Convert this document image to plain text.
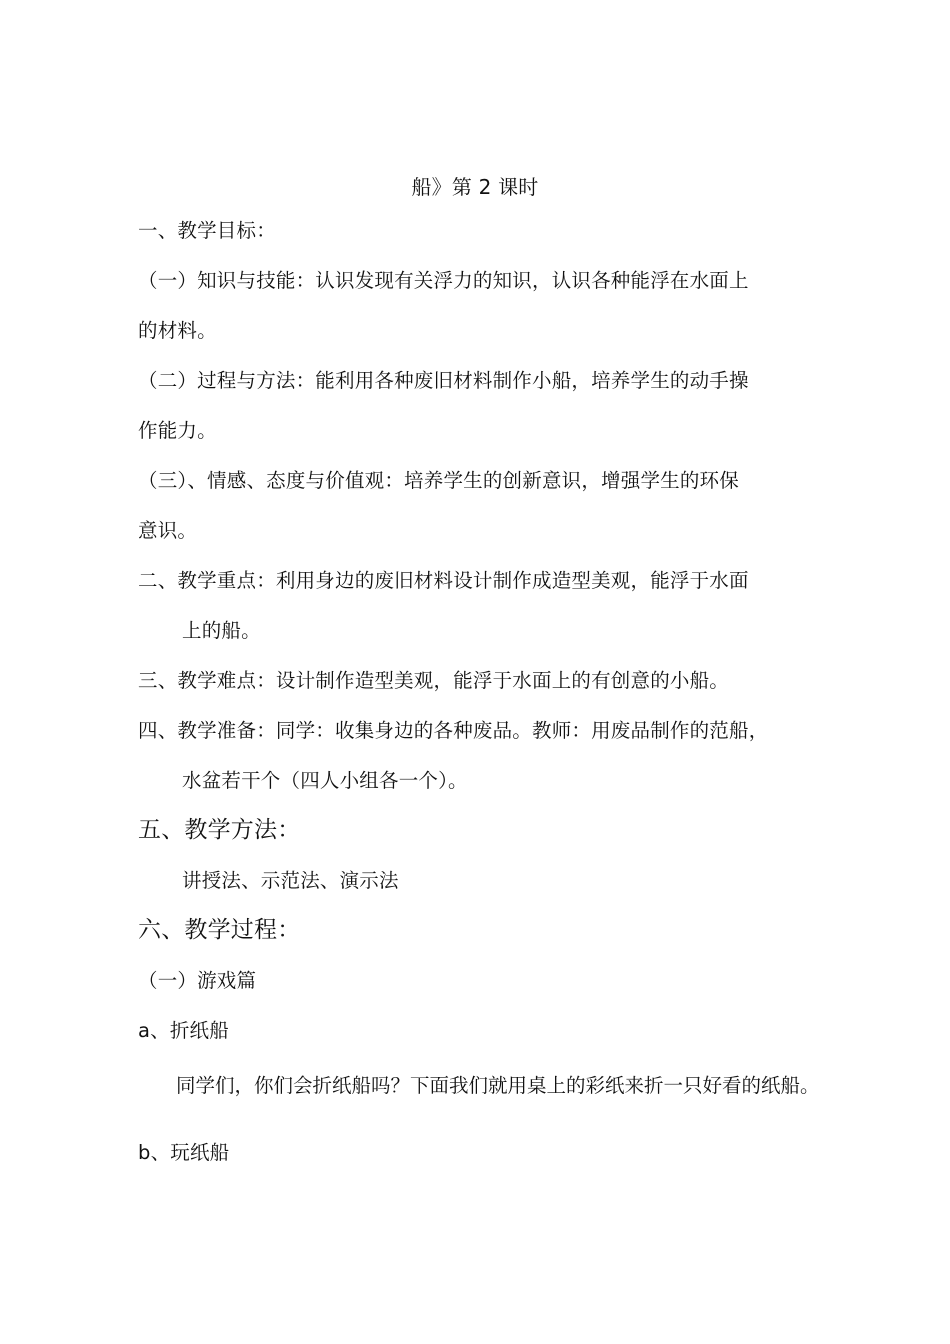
船》第 2 课时
一、教学目标：
（一）知识与技能：认识发现有关浮力的知识，认识各种能浮在水面上
的材料。
（二）过程与方法：能利用各种废旧材料制作小船，培养学生的动手操
作能力。
（三）、情感、态度与价值观：培养学生的创新意识，增强学生的环保
意识。
二、教学重点：利用身边的废旧材料设计制作成造型美观，能浮于水面
上的船。
三、教学难点：设计制作造型美观，能浮于水面上的有创意的小船。
四、教学准备：同学：收集身边的各种废品。教师：用废品制作的范船，
水盆若干个（四人小组各一个）。
五、教学方法：
讲授法、示范法、演示法
六、教学过程：
（一）游戏篇
a、折纸船
同学们，你们会折纸船吗？下面我们就用桌上的彩纸来折一只好看的纸船。
b、玩纸船
